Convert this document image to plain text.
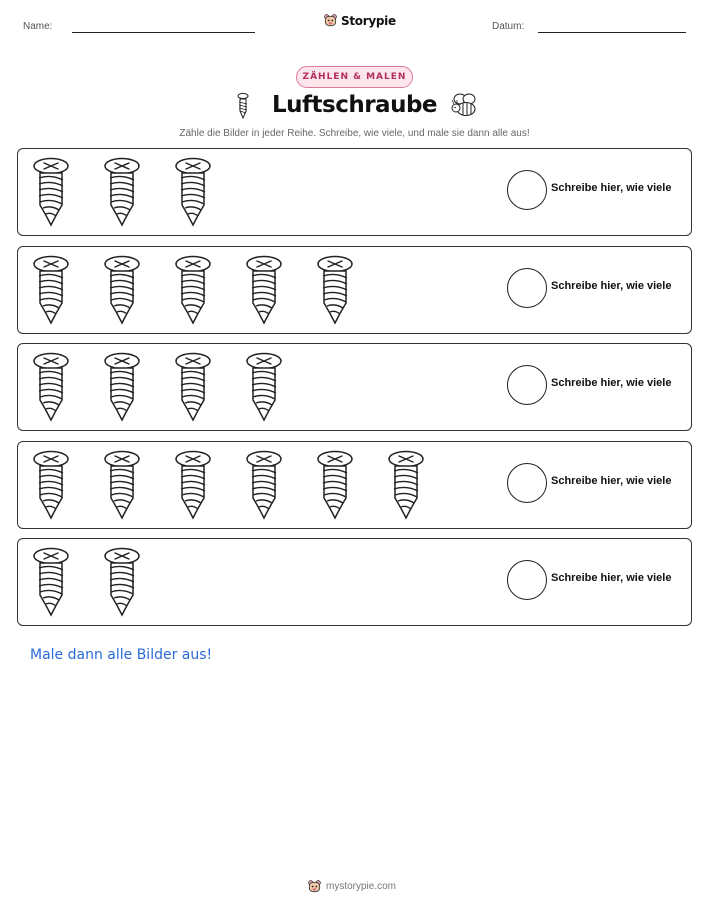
Name:	Storypie	Datum:
ZÄHLEN & MALEN
Luftschraube
Zähle die Bilder in jeder Reihe. Schreibe, wie viele, und male sie dann alle aus!
Schreibe hier, wie viele
Schreibe hier, wie viele
Schreibe hier, wie viele
Schreibe hier, wie viele
Schreibe hier, wie viele
Male dann alle Bilder aus!
mystorypie.com
